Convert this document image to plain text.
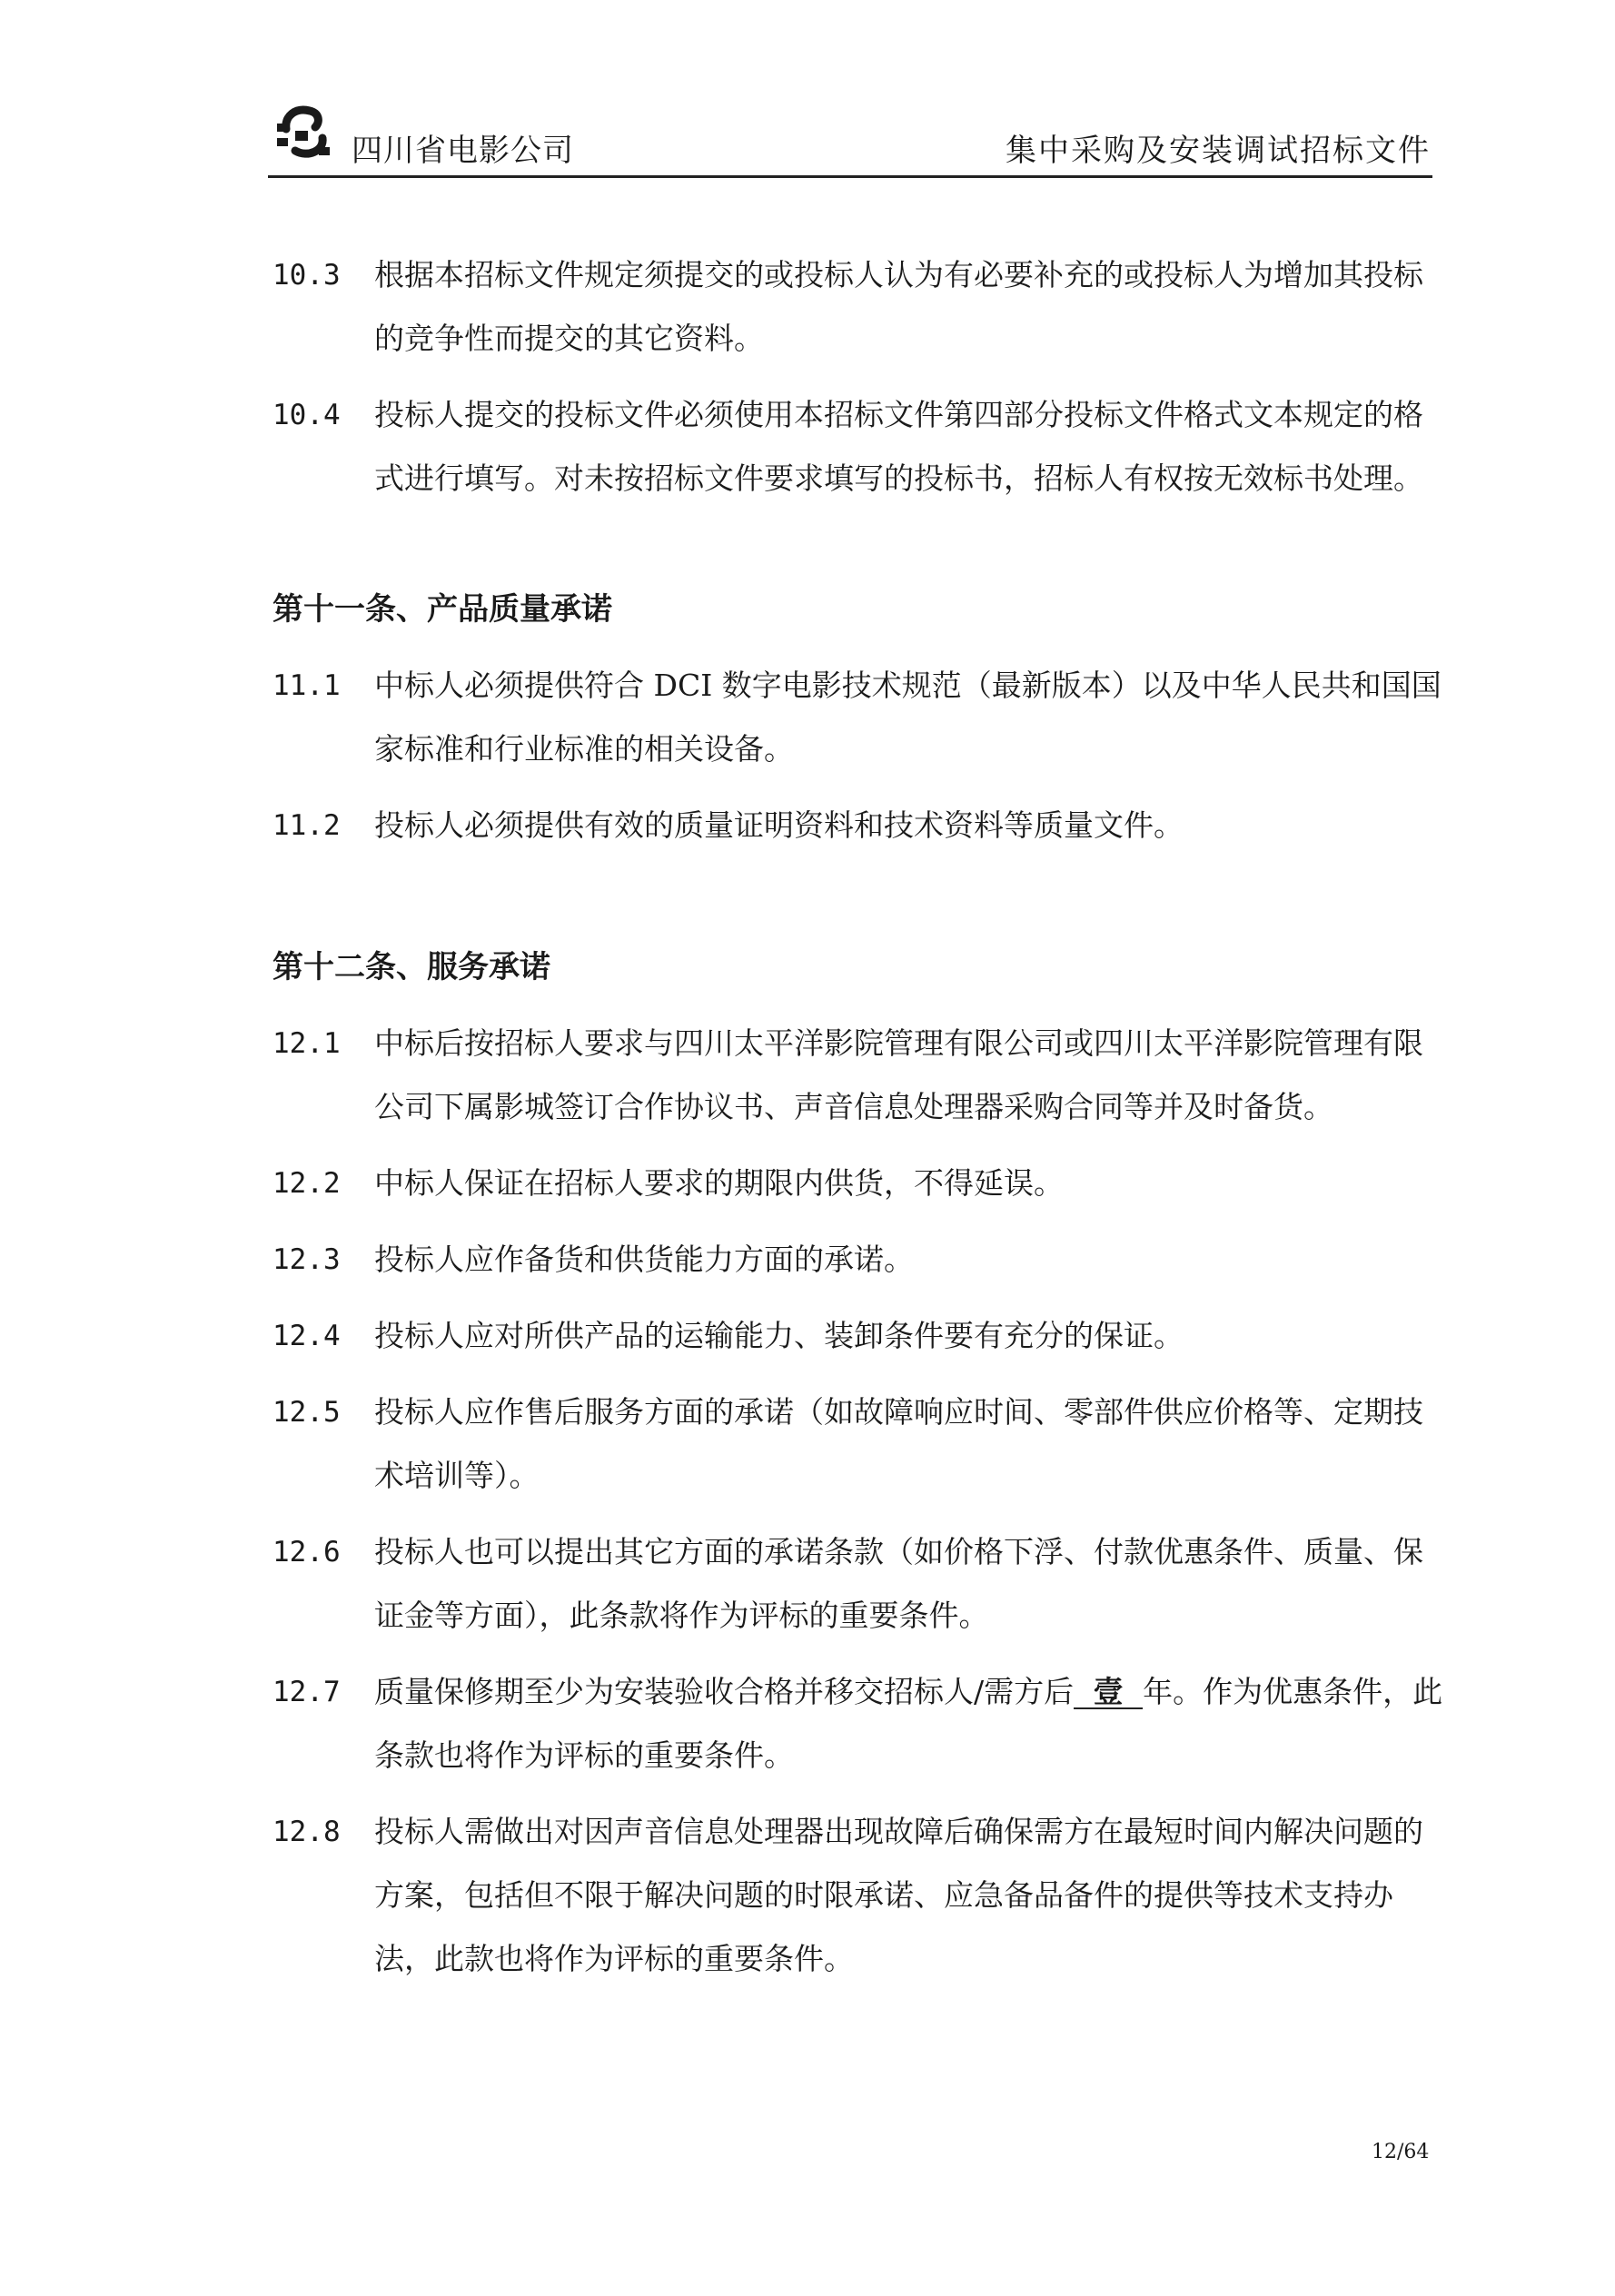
四川省电影公司	集中采购及安装调试招标文件
10.3 根据本招标文件规定须提交的或投标人认为有必要补充的或投标人为增加其投标的竞争性而提交的其它资料。
10.4 投标人提交的投标文件必须使用本招标文件第四部分投标文件格式文本规定的格式进行填写。对未按招标文件要求填写的投标书，招标人有权按无效标书处理。
第十一条、产品质量承诺
11.1 中标人必须提供符合 DCI 数字电影技术规范（最新版本）以及中华人民共和国国家标准和行业标准的相关设备。
11.2 投标人必须提供有效的质量证明资料和技术资料等质量文件。
第十二条、服务承诺
12.1 中标后按招标人要求与四川太平洋影院管理有限公司或四川太平洋影院管理有限公司下属影城签订合作协议书、声音信息处理器采购合同等并及时备货。
12.2 中标人保证在招标人要求的期限内供货，不得延误。
12.3 投标人应作备货和供货能力方面的承诺。
12.4 投标人应对所供产品的运输能力、装卸条件要有充分的保证。
12.5 投标人应作售后服务方面的承诺（如故障响应时间、零部件供应价格等、定期技术培训等）。
12.6 投标人也可以提出其它方面的承诺条款（如价格下浮、付款优惠条件、质量、保证金等方面），此条款将作为评标的重要条件。
12.7 质量保修期至少为安装验收合格并移交招标人/需方后 壹 年。作为优惠条件，此条款也将作为评标的重要条件。
12.8 投标人需做出对因声音信息处理器出现故障后确保需方在最短时间内解决问题的方案，包括但不限于解决问题的时限承诺、应急备品备件的提供等技术支持办法，此款也将作为评标的重要条件。
12/64
